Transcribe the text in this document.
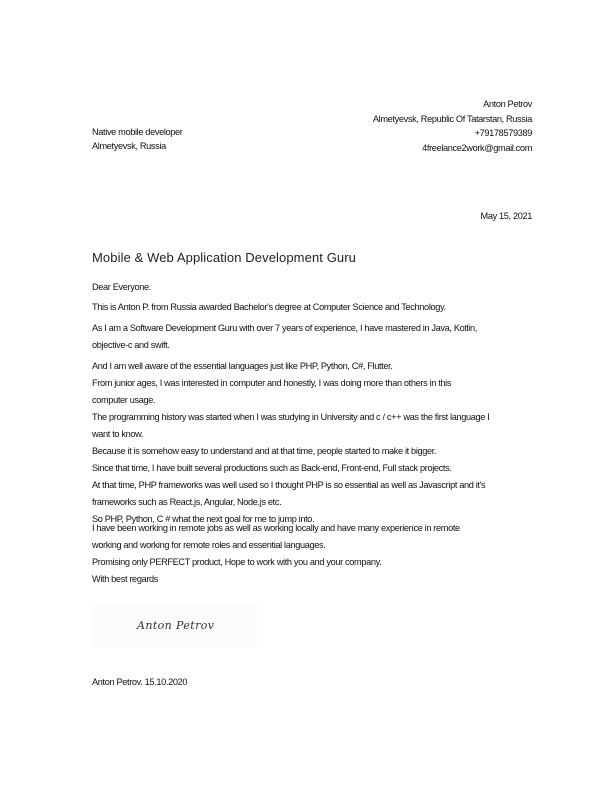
Anton Petrov
Almetyevsk, Republic Of Tatarstan, Russia
+79178579389
4freelance2work@gmail.com
Native mobile developer
Almetyevsk, Russia
May 15, 2021
Mobile & Web Application Development Guru
Dear Everyone.
This is Anton P. from Russia awarded Bachelor's degree at Computer Science and Technology.
As I am a Software Development Guru with over 7 years of experience, I have mastered in Java, Kotlin,
objective-c and swift.
And I am well aware of the essential languages just like PHP, Python, C#, Flutter.
From junior ages, I was interested in computer and honestly, I was doing more than others in this
computer usage.
The programming history was started when I was studying in University and c / c++ was the first language I
want to know.
Because it is somehow easy to understand and at that time, people started to make it bigger.
Since that time, I have built several productions such as Back-end, Front-end, Full stack projects.
At that time, PHP frameworks was well used so I thought PHP is so essential as well as Javascript and it's
frameworks such as React.js, Angular, Node.js etc.
So PHP, Python, C # what the next goal for me to jump into.
I have been working in remote jobs as well as working locally and have many experience in remote
working and working for remote roles and essential languages.
Promising only PERFECT product, Hope to work with you and your company.
With best regards
Anton Petrov
Anton Petrov. 15.10.2020
